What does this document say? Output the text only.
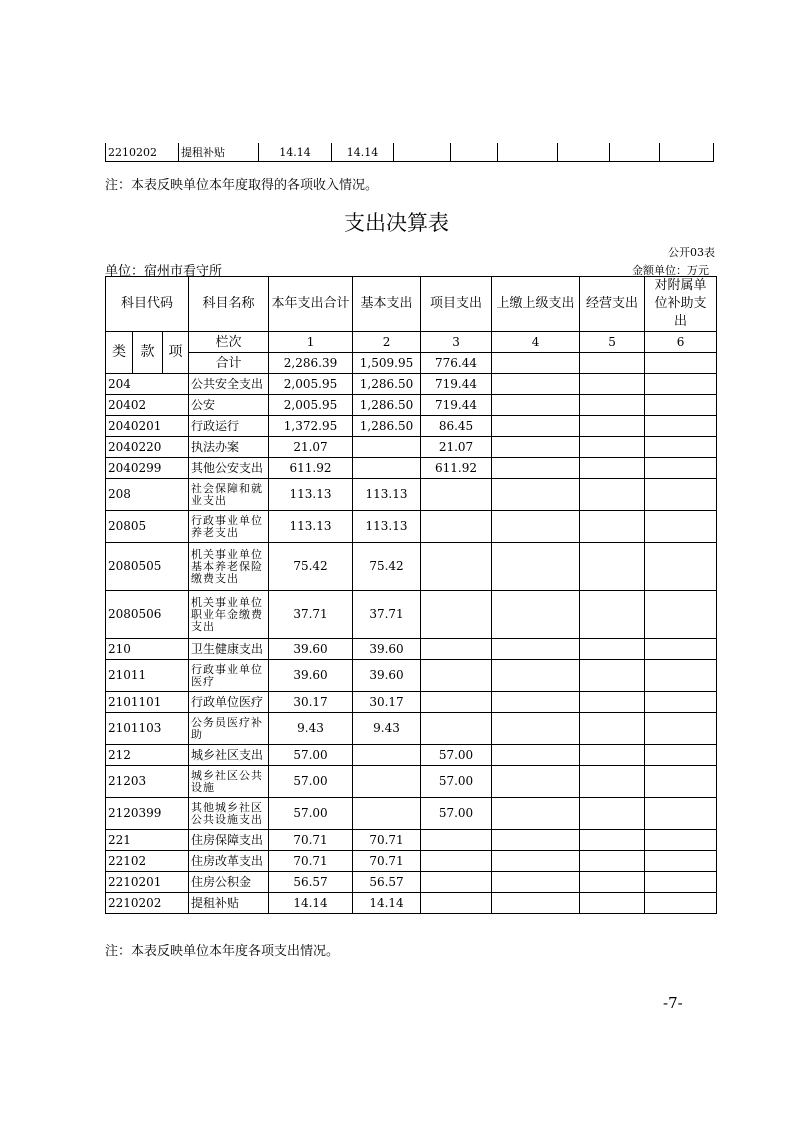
2210202	提租补贴	14.14	14.14						
注：本表反映单位本年度取得的各项收入情况。
支出决算表
公开03表
单位：宿州市看守所	金额单位：万元
科目代码			科目名称	本年支出合计	基本支出	项目支出	上缴上级支出	经营支出	对附属单位补助支出
类	款	项	栏次	1	2	3	4	5	6
			合计	2,286.39	1,509.95	776.44			
204			公共安全支出	2,005.95	1,286.50	719.44			
20402			公安	2,005.95	1,286.50	719.44			
2040201			行政运行	1,372.95	1,286.50	86.45			
2040220			执法办案	21.07		21.07			
2040299			其他公安支出	611.92		611.92			
208			社会保障和就业支出	113.13	113.13				
20805			行政事业单位养老支出	113.13	113.13				
2080505			机关事业单位基本养老保险缴费支出	75.42	75.42				
2080506			机关事业单位职业年金缴费支出	37.71	37.71				
210			卫生健康支出	39.60	39.60				
21011			行政事业单位医疗	39.60	39.60				
2101101			行政单位医疗	30.17	30.17				
2101103			公务员医疗补助	9.43	9.43				
212			城乡社区支出	57.00		57.00			
21203			城乡社区公共设施	57.00		57.00			
2120399			其他城乡社区公共设施支出	57.00		57.00			
221			住房保障支出	70.71	70.71				
22102			住房改革支出	70.71	70.71				
2210201			住房公积金	56.57	56.57				
2210202			提租补贴	14.14	14.14				
注：本表反映单位本年度各项支出情况。
-7-
